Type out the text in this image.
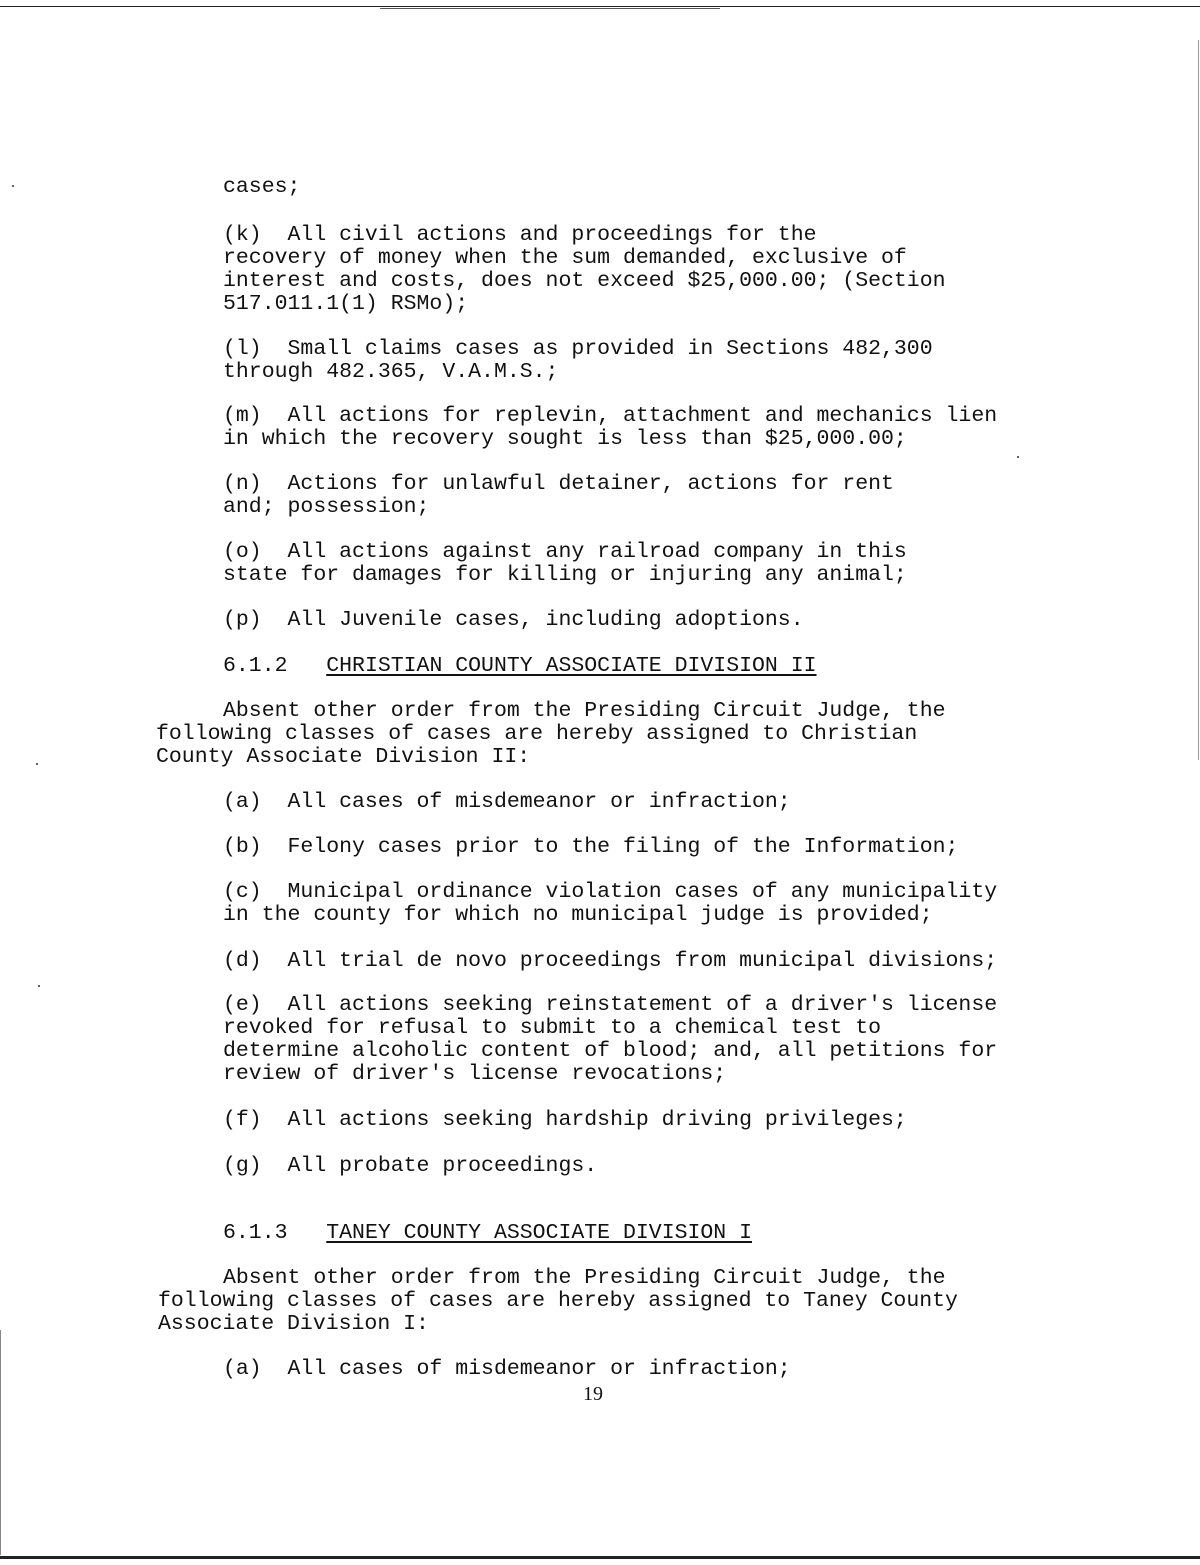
cases;

(k)  All civil actions and proceedings for the

recovery of money when the sum demanded, exclusive of

interest and costs, does not exceed $25,000.00; (Section

517.011.1(1) RSMo);

(l)  Small claims cases as provided in Sections 482,300

through 482.365, V.A.M.S.;

(m)  All actions for replevin, attachment and mechanics lien

in which the recovery sought is less than $25,000.00;

(n)  Actions for unlawful detainer, actions for rent

and; possession;

(o)  All actions against any railroad company in this

state for damages for killing or injuring any animal;

(p)  All Juvenile cases, including adoptions.

6.1.2 CHRISTIAN COUNTY ASSOCIATE DIVISION II

Absent other order from the Presiding Circuit Judge, the

following classes of cases are hereby assigned to Christian

County Associate Division II:

(a)  All cases of misdemeanor or infraction;

(b)  Felony cases prior to the filing of the Information;

(c)  Municipal ordinance violation cases of any municipality

in the county for which no municipal judge is provided;

(d)  All trial de novo proceedings from municipal divisions;

(e)  All actions seeking reinstatement of a driver's license

revoked for refusal to submit to a chemical test to

determine alcoholic content of blood; and, all petitions for

review of driver's license revocations;

(f)  All actions seeking hardship driving privileges;

(g)  All probate proceedings.

6.1.3 TANEY COUNTY ASSOCIATE DIVISION I

Absent other order from the Presiding Circuit Judge, the

following classes of cases are hereby assigned to Taney County

Associate Division I:

(a)  All cases of misdemeanor or infraction;

19
